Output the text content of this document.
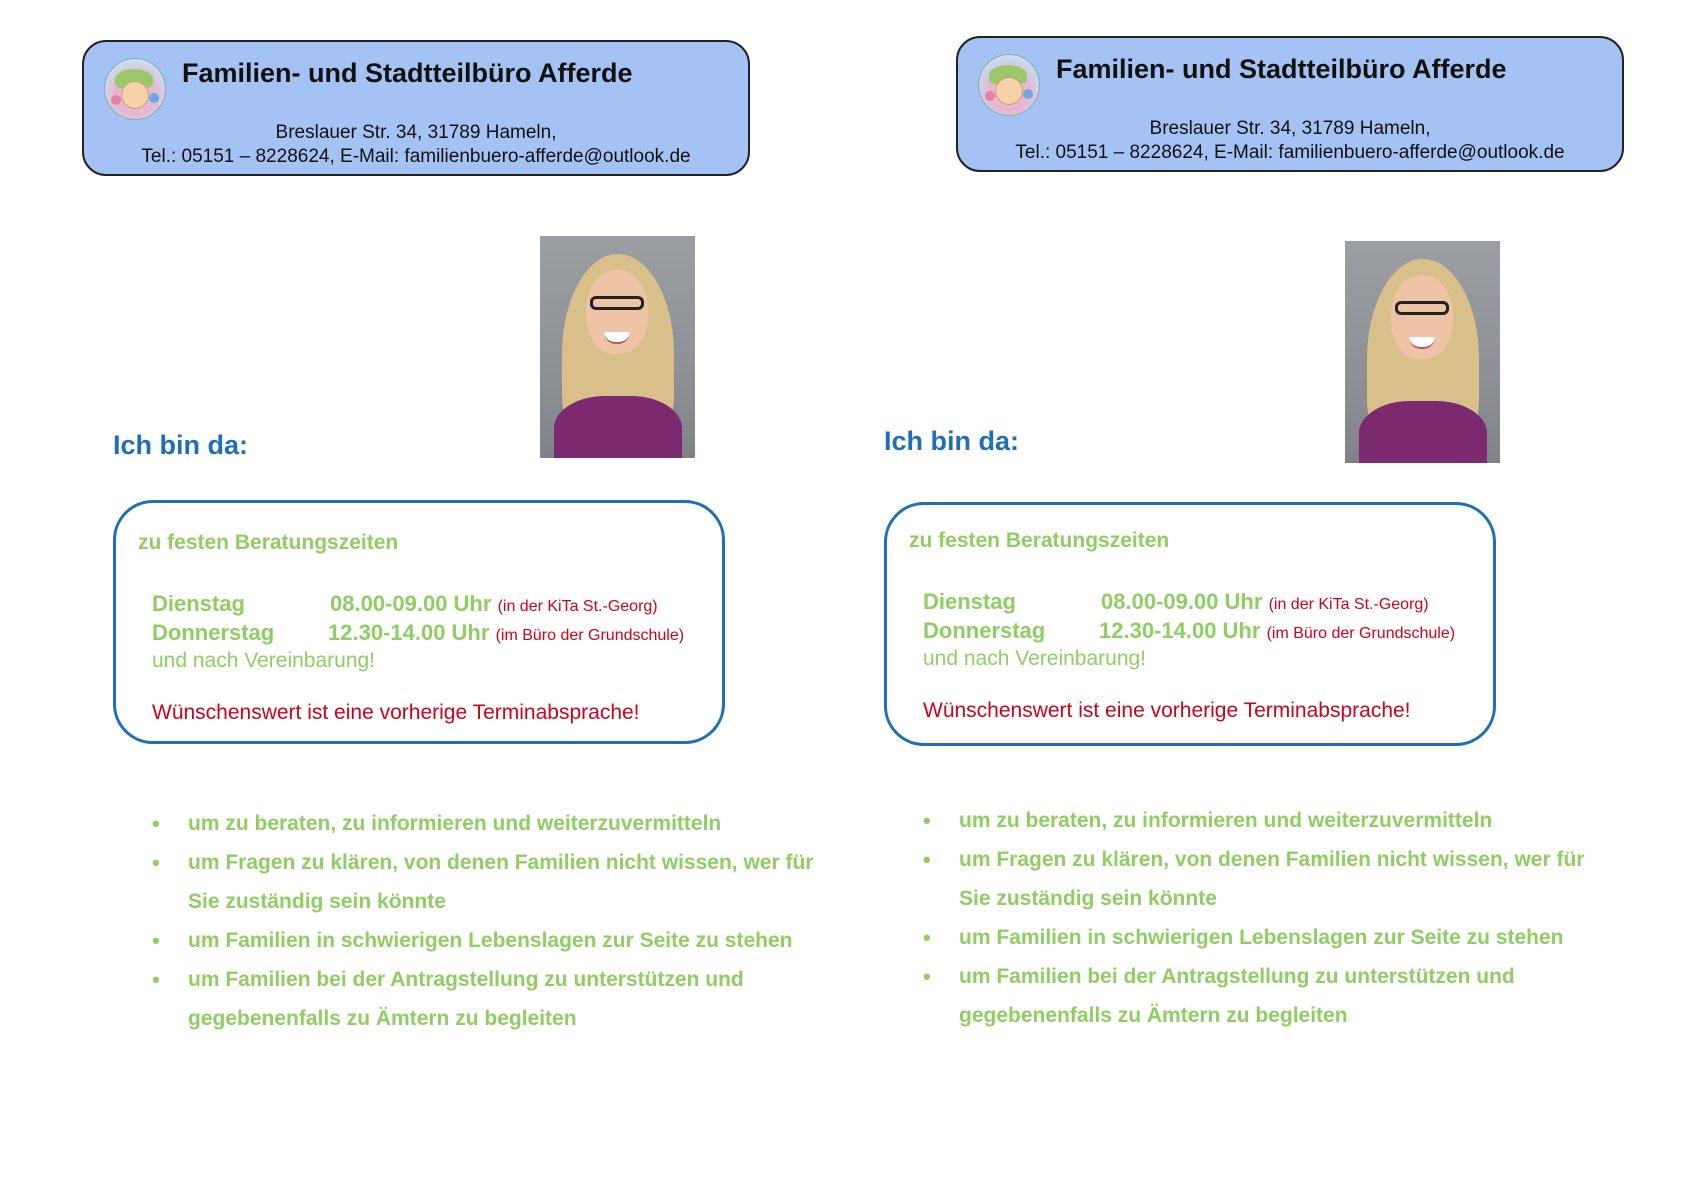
Familien- und Stadtteilbüro Afferde
Breslauer Str. 34, 31789 Hameln,
Tel.: 05151 – 8228624, E-Mail: familienbuero-afferde@outlook.de
Ich bin da:
zu festen Beratungszeiten
Dienstag	08.00-09.00 Uhr (in der KiTa St.-Georg)
Donnerstag 12.30-14.00 Uhr (im Büro der Grundschule)
und nach Vereinbarung!
Wünschenswert ist eine vorherige Terminabsprache!
• um zu beraten, zu informieren und weiterzuvermitteln
• um Fragen zu klären, von denen Familien nicht wissen, wer für Sie zuständig sein könnte
• um Familien in schwierigen Lebenslagen zur Seite zu stehen
• um Familien bei der Antragstellung zu unterstützen und gegebenenfalls zu Ämtern zu begleiten
Familien- und Stadtteilbüro Afferde
Breslauer Str. 34, 31789 Hameln,
Tel.: 05151 – 8228624, E-Mail: familienbuero-afferde@outlook.de
Ich bin da:
zu festen Beratungszeiten
Dienstag	08.00-09.00 Uhr (in der KiTa St.-Georg)
Donnerstag 12.30-14.00 Uhr (im Büro der Grundschule)
und nach Vereinbarung!
Wünschenswert ist eine vorherige Terminabsprache!
• um zu beraten, zu informieren und weiterzuvermitteln
• um Fragen zu klären, von denen Familien nicht wissen, wer für Sie zuständig sein könnte
• um Familien in schwierigen Lebenslagen zur Seite zu stehen
• um Familien bei der Antragstellung zu unterstützen und gegebenenfalls zu Ämtern zu begleiten
